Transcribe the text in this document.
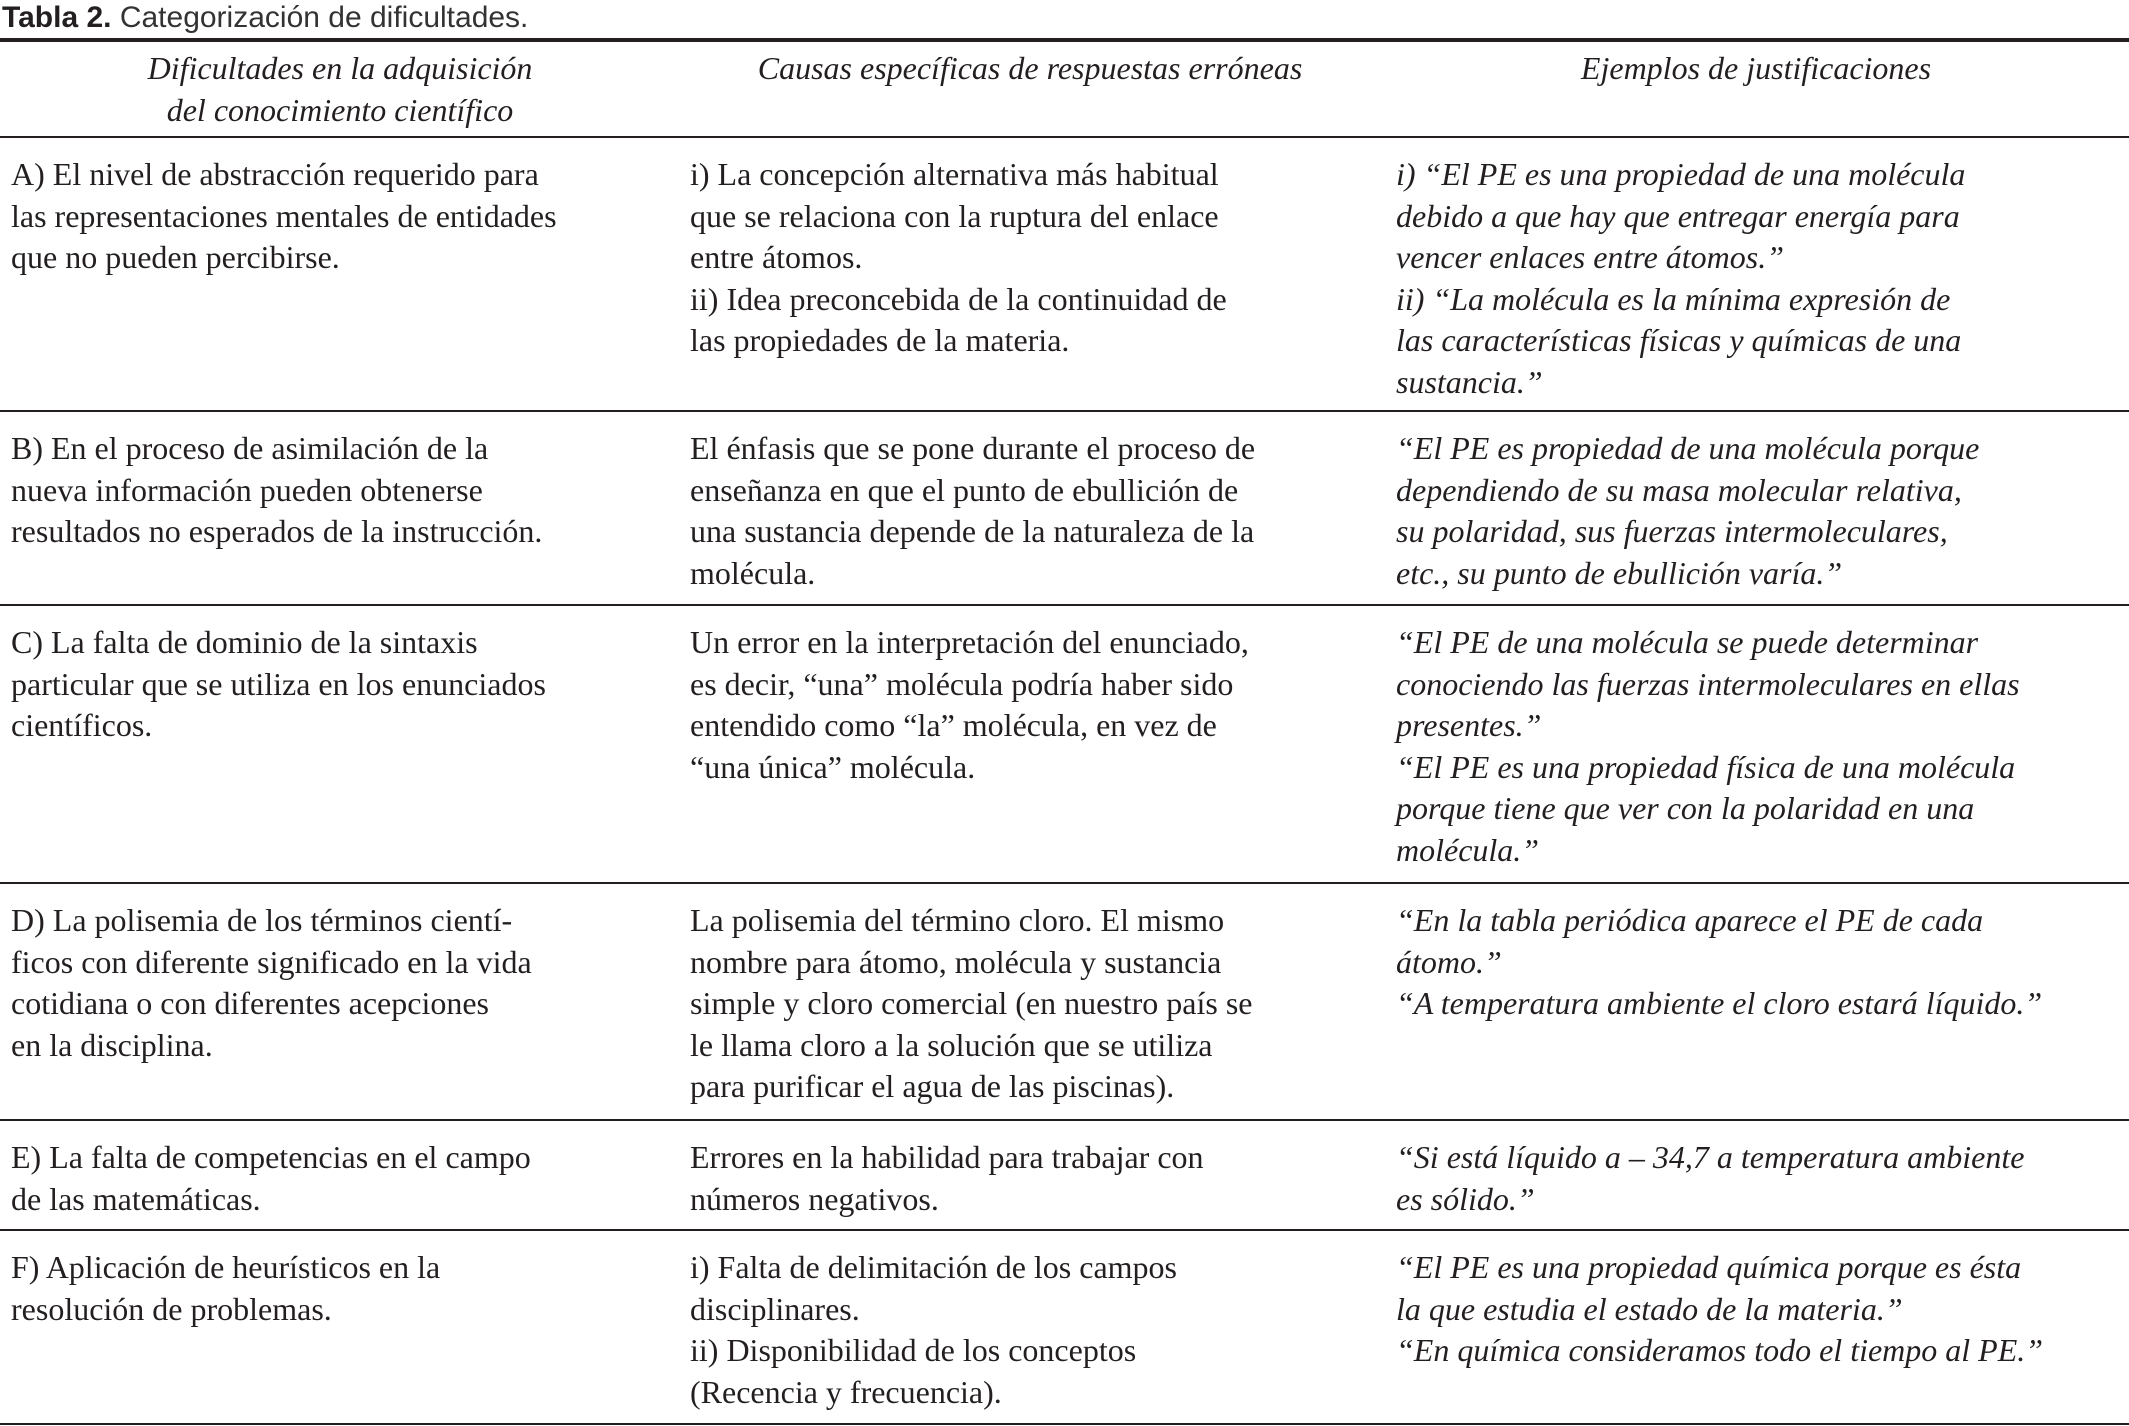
Tabla 2. Categorización de dificultades.
Dificultades en la adquisición
del conocimiento científico
Causas específicas de respuestas erróneas	Ejemplos de justificaciones
A) El nivel de abstracción requerido para
las representaciones mentales de entidades
que no pueden percibirse.
i) La concepción alternativa más habitual
que se relaciona con la ruptura del enlace
entre átomos.
ii) Idea preconcebida de la continuidad de
las propiedades de la materia.
i) “El PE es una propiedad de una molécula
debido a que hay que entregar energía para
vencer enlaces entre átomos.”
ii) “La molécula es la mínima expresión de
las características físicas y químicas de una
sustancia.”
B) En el proceso de asimilación de la
nueva información pueden obtenerse
resultados no esperados de la instrucción.
El énfasis que se pone durante el proceso de
enseñanza en que el punto de ebullición de
una sustancia depende de la naturaleza de la
molécula.
“El PE es propiedad de una molécula porque
dependiendo de su masa molecular relativa,
su polaridad, sus fuerzas intermoleculares,
etc., su punto de ebullición varía.”
C) La falta de dominio de la sintaxis
particular que se utiliza en los enunciados
científicos.
Un error en la interpretación del enunciado,
es decir, “una” molécula podría haber sido
entendido como “la” molécula, en vez de
“una única” molécula.
“El PE de una molécula se puede determinar
conociendo las fuerzas intermoleculares en ellas
presentes.”
“El PE es una propiedad física de una molécula
porque tiene que ver con la polaridad en una
molécula.”
D) La polisemia de los términos cientí-
ficos con diferente significado en la vida
cotidiana o con diferentes acepciones
en la disciplina.
La polisemia del término cloro. El mismo
nombre para átomo, molécula y sustancia
simple y cloro comercial (en nuestro país se
le llama cloro a la solución que se utiliza
para purificar el agua de las piscinas).
“En la tabla periódica aparece el PE de cada
átomo.”
“A temperatura ambiente el cloro estará líquido.”
E) La falta de competencias en el campo
de las matemáticas.
Errores en la habilidad para trabajar con
números negativos.
“Si está líquido a – 34,7 a temperatura ambiente
es sólido.”
F) Aplicación de heurísticos en la
resolución de problemas.
i) Falta de delimitación de los campos
disciplinares.
ii) Disponibilidad de los conceptos
(Recencia y frecuencia).
“El PE es una propiedad química porque es ésta
la que estudia el estado de la materia.”
“En química consideramos todo el tiempo al PE.”
